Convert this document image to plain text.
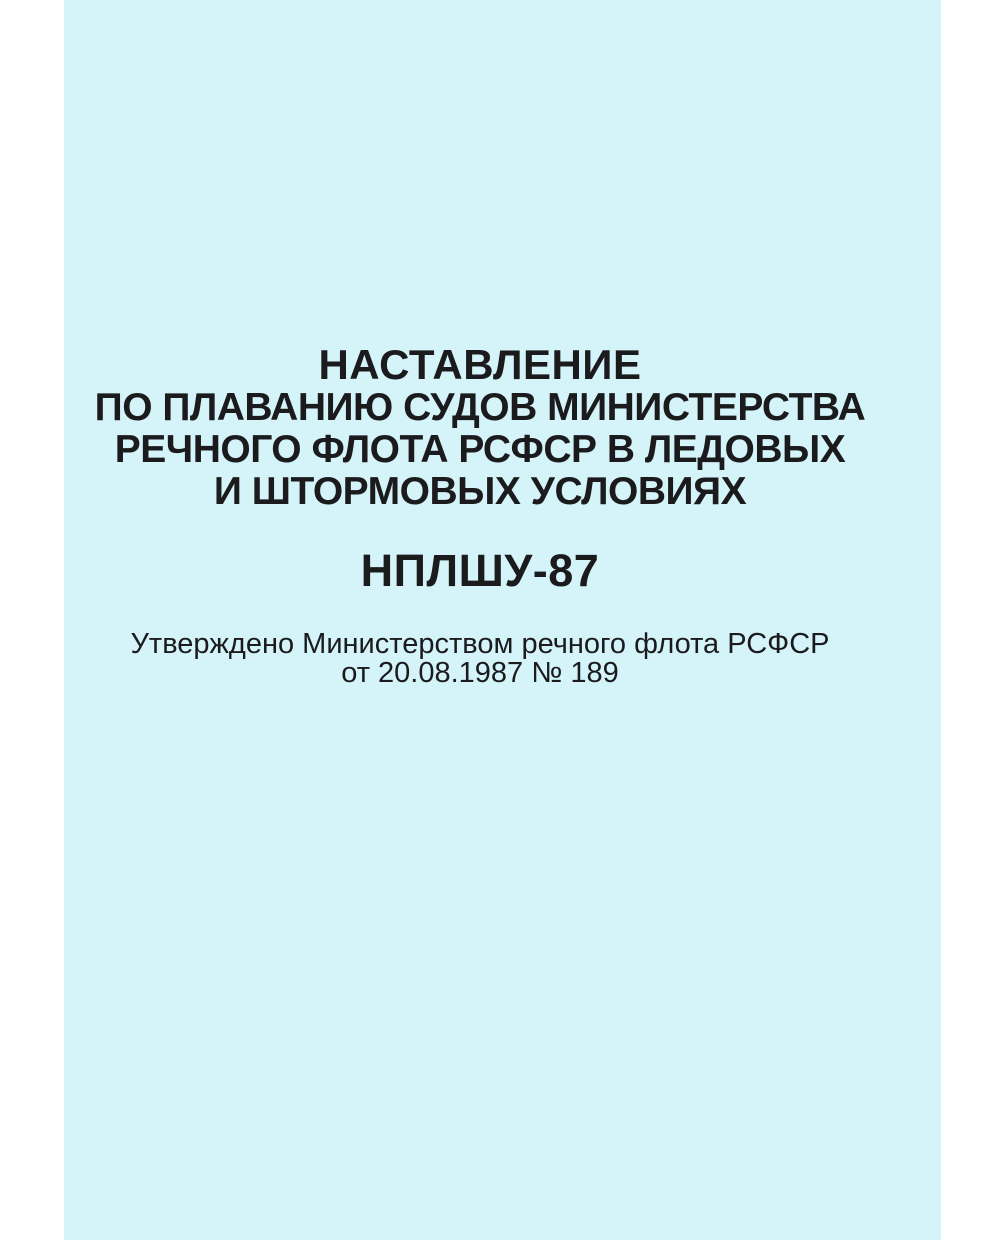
НАСТАВЛЕНИЕ
ПО ПЛАВАНИЮ СУДОВ МИНИСТЕРСТВА
РЕЧНОГО ФЛОТА РСФСР В ЛЕДОВЫХ
И ШТОРМОВЫХ УСЛОВИЯХ
НПЛШУ-87
Утверждено Министерством речного флота РСФСР
от 20.08.1987 № 189
